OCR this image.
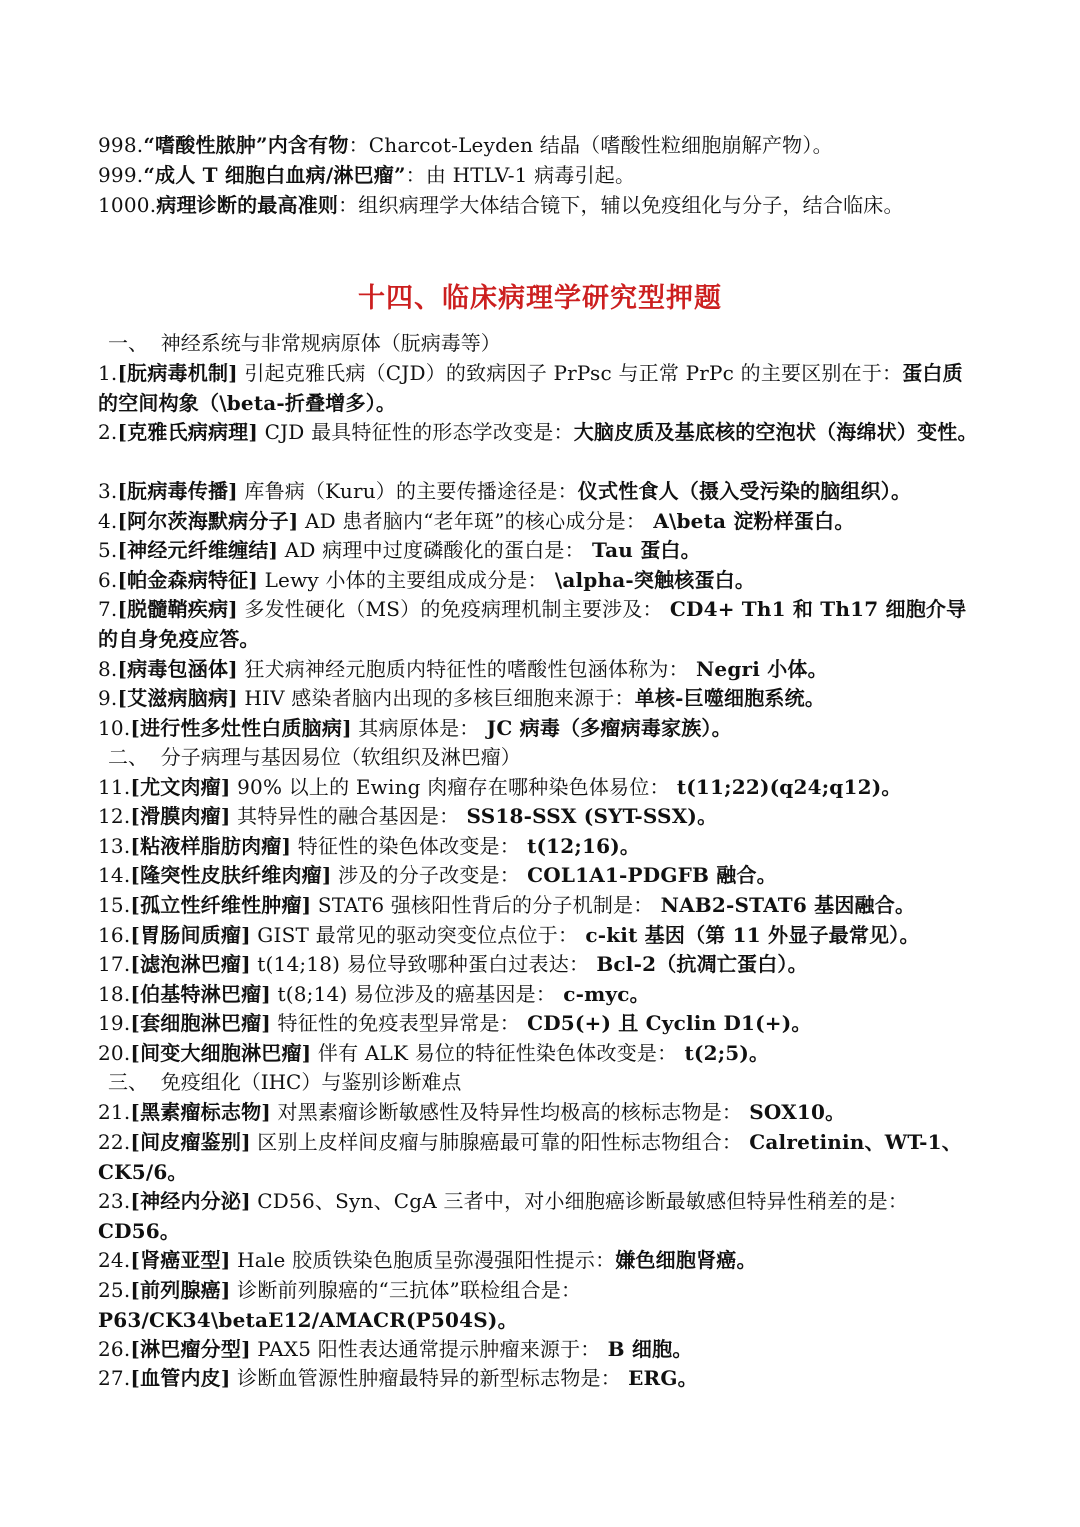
998.“嗜酸性脓肿”内含有物：Charcot-Leyden 结晶（嗜酸性粒细胞崩解产物）。
999.“成人 T 细胞白血病/淋巴瘤”：由 HTLV-1 病毒引起。
1000.病理诊断的最高准则：组织病理学大体结合镜下，辅以免疫组化与分子，结合临床。
十四、临床病理学研究型押题
一、  神经系统与非常规病原体（朊病毒等）
1.[朊病毒机制] 引起克雅氏病（CJD）的致病因子 PrPsc 与正常 PrPc 的主要区别在于：蛋白质的空间构象（\beta-折叠增多）。
2.[克雅氏病病理] CJD 最具特征性的形态学改变是：大脑皮质及基底核的空泡状（海绵状）变性。
3.[朊病毒传播] 库鲁病（Kuru）的主要传播途径是：仪式性食人（摄入受污染的脑组织）。
4.[阿尔茨海默病分子] AD 患者脑内“老年斑”的核心成分是： A\beta 淀粉样蛋白。
5.[神经元纤维缠结] AD 病理中过度磷酸化的蛋白是： Tau 蛋白。
6.[帕金森病特征] Lewy 小体的主要组成成分是： \alpha-突触核蛋白。
7.[脱髓鞘疾病] 多发性硬化（MS）的免疫病理机制主要涉及： CD4+ Th1 和 Th17 细胞介导的自身免疫应答。
8.[病毒包涵体] 狂犬病神经元胞质内特征性的嗜酸性包涵体称为： Negri 小体。
9.[艾滋病脑病] HIV 感染者脑内出现的多核巨细胞来源于：单核-巨噬细胞系统。
10.[进行性多灶性白质脑病] 其病原体是： JC 病毒（多瘤病毒家族）。
二、  分子病理与基因易位（软组织及淋巴瘤）
11.[尤文肉瘤] 90% 以上的 Ewing 肉瘤存在哪种染色体易位： t(11;22)(q24;q12)。
12.[滑膜肉瘤] 其特异性的融合基因是： SS18-SSX (SYT-SSX)。
13.[粘液样脂肪肉瘤] 特征性的染色体改变是： t(12;16)。
14.[隆突性皮肤纤维肉瘤] 涉及的分子改变是： COL1A1-PDGFB 融合。
15.[孤立性纤维性肿瘤] STAT6 强核阳性背后的分子机制是： NAB2-STAT6 基因融合。
16.[胃肠间质瘤] GIST 最常见的驱动突变位点位于： c-kit 基因（第 11 外显子最常见）。
17.[滤泡淋巴瘤] t(14;18) 易位导致哪种蛋白过表达： Bcl-2（抗凋亡蛋白）。
18.[伯基特淋巴瘤] t(8;14) 易位涉及的癌基因是： c-myc。
19.[套细胞淋巴瘤] 特征性的免疫表型异常是： CD5(+) 且 Cyclin D1(+)。
20.[间变大细胞淋巴瘤] 伴有 ALK 易位的特征性染色体改变是： t(2;5)。
三、  免疫组化（IHC）与鉴别诊断难点
21.[黑素瘤标志物] 对黑素瘤诊断敏感性及特异性均极高的核标志物是： SOX10。
22.[间皮瘤鉴别] 区别上皮样间皮瘤与肺腺癌最可靠的阳性标志物组合： Calretinin、WT-1、CK5/6。
23.[神经内分泌] CD56、Syn、CgA 三者中，对小细胞癌诊断最敏感但特异性稍差的是：CD56。
24.[肾癌亚型] Hale 胶质铁染色胞质呈弥漫强阳性提示：嫌色细胞肾癌。
25.[前列腺癌] 诊断前列腺癌的“三抗体”联检组合是：
P63/CK34\betaE12/AMACR(P504S)。
26.[淋巴瘤分型] PAX5 阳性表达通常提示肿瘤来源于： B 细胞。
27.[血管内皮] 诊断血管源性肿瘤最特异的新型标志物是： ERG。
